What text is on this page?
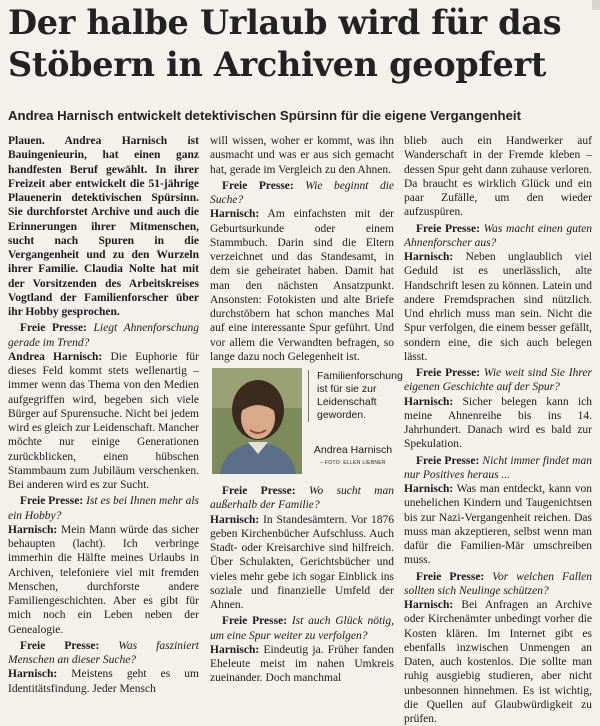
Der halbe Urlaub wird für das
Stöbern in Archiven geopfert
Andrea Harnisch entwickelt detektivischen Spürsinn für die eigene Vergangenheit

Plauen. Andrea Harnisch ist Bauingenieurin, hat einen ganz handfesten Beruf gewählt. In ihrer Freizeit aber entwickelt die 51-jährige Plauenerin detektivischen Spürsinn. Sie durchforstet Archive und auch die Erinnerungen ihrer Mitmenschen, sucht nach Spuren in die Vergangenheit und zu den Wurzeln ihrer Familie. Claudia Nolte hat mit der Vorsitzenden des Arbeitskreises Vogtland der Familienforscher über ihr Hobby gesprochen.

Freie Presse: Liegt Ahnenforschung gerade im Trend?

Andrea Harnisch: Die Euphorie für dieses Feld kommt stets wellenartig – immer wenn das Thema von den Medien aufgegriffen wird, begeben sich viele Bürger auf Spurensuche. Nicht bei jedem wird es gleich zur Leidenschaft. Mancher möchte nur einige Generationen zurückblicken, einen hübschen Stammbaum zum Jubiläum verschenken. Bei anderen wird es zur Sucht.

Freie Presse: Ist es bei Ihnen mehr als ein Hobby?

Harnisch: Mein Mann würde das sicher behaupten (lacht). Ich verbringe immerhin die Hälfte meines Urlaubs in Archiven, telefoniere viel mit fremden Menschen, durchforste andere Familiengeschichten. Aber es gibt für mich noch ein Leben neben der Genealogie.

Freie Presse: Was fasziniert Menschen an dieser Suche?

Harnisch: Meistens geht es um Identitätsfindung. Jeder Mensch

will wissen, woher er kommt, was ihn ausmacht und was er aus sich gemacht hat, gerade im Vergleich zu den Ahnen.

Freie Presse: Wie beginnt die Suche?

Harnisch: Am einfachsten mit der Geburtsurkunde oder einem Stammbuch. Darin sind die Eltern verzeichnet und das Standesamt, in dem sie geheiratet haben. Damit hat man den nächsten Ansatzpunkt. Ansonsten: Fotokisten und alte Briefe durchstöbern hat schon manches Mal auf eine interessante Spur geführt. Und vor allem die Verwandten befragen, so lange dazu noch Gelegenheit ist.

Familienforschung ist für sie zur Leidenschaft geworden.
Andrea Harnisch
– FOTO: ELLEN LIEBNER

Freie Presse: Wo sucht man außerhalb der Familie?

Harnisch: In Standesämtern. Vor 1876 geben Kirchenbücher Aufschluss. Auch Stadt- oder Kreisarchive sind hilfreich. Über Schulakten, Gerichtsbücher und vieles mehr gebe ich sogar Einblick ins soziale und finanzielle Umfeld der Ahnen.

Freie Presse: Ist auch Glück nötig, um eine Spur weiter zu verfolgen?

Harnisch: Eindeutig ja. Früher fanden Eheleute meist im nahen Umkreis zueinander. Doch manchmal

blieb auch ein Handwerker auf Wanderschaft in der Fremde kleben – dessen Spur geht dann zuhause verloren. Da braucht es wirklich Glück und ein paar Zufälle, um den wieder aufzuspüren.

Freie Presse: Was macht einen guten Ahnenforscher aus?

Harnisch: Neben unglaublich viel Geduld ist es unerlässlich, alte Handschrift lesen zu können. Latein und andere Fremdsprachen sind nützlich. Und ehrlich muss man sein. Nicht die Spur verfolgen, die einem besser gefällt, sondern eine, die sich auch belegen lässt.

Freie Presse: Wie weit sind Sie Ihrer eigenen Geschichte auf der Spur?

Harnisch: Sicher belegen kann ich meine Ahnenreihe bis ins 14. Jahrhundert. Danach wird es bald zur Spekulation.

Freie Presse: Nicht immer findet man nur Positives heraus ...

Harnisch: Was man entdeckt, kann von unehelichen Kindern und Taugenichtsen bis zur Nazi-Vergangenheit reichen. Das muss man akzeptieren, selbst wenn man dafür die Familien-Mär umschreiben muss.

Freie Presse: Vor welchen Fallen sollten sich Neulinge schützen?

Harnisch: Bei Anfragen an Archive oder Kirchenämter unbedingt vorher die Kosten klären. Im Internet gibt es ebenfalls inzwischen Unmengen an Daten, auch kostenlos. Die sollte man ruhig ausgiebig studieren, aber nicht unbesonnen hinnehmen. Es ist wichtig, die Quellen auf Glaubwürdigkeit zu prüfen.
